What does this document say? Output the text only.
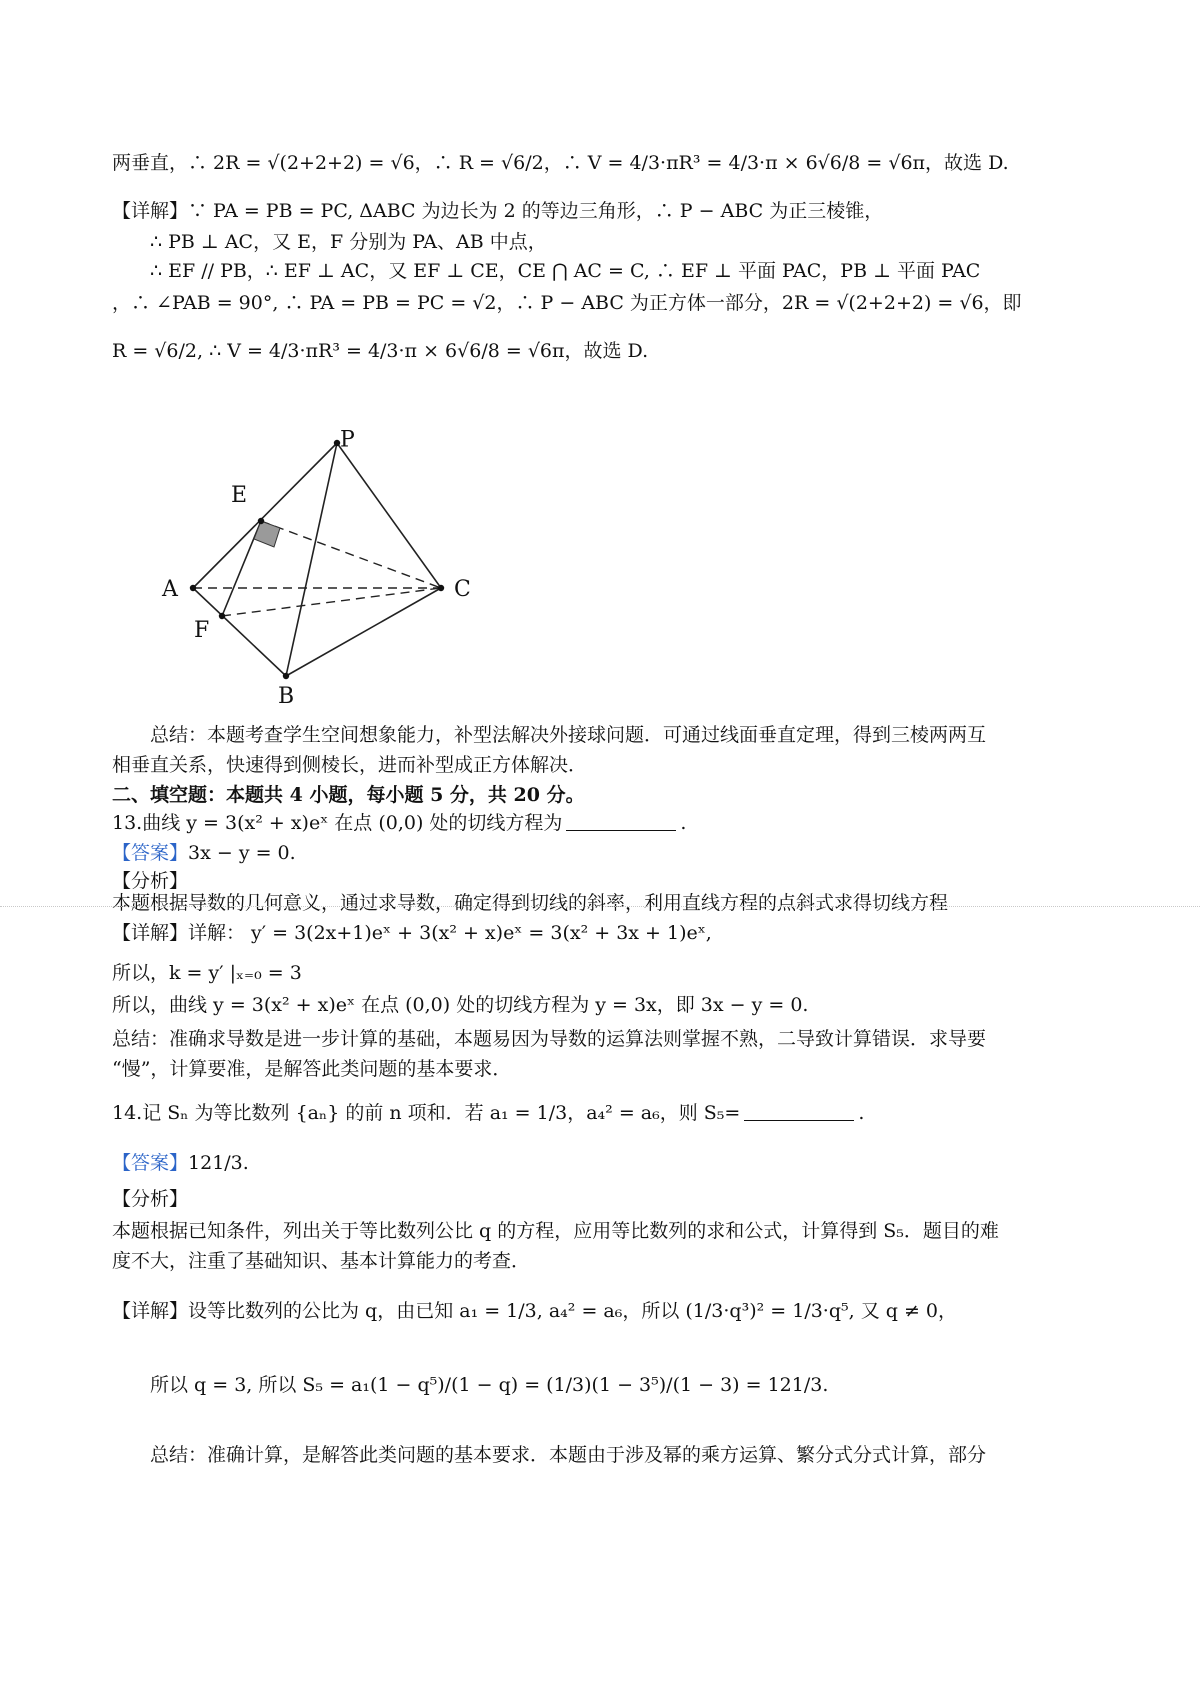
两垂直，∴ 2R = √(2+2+2) = √6，∴ R = √6/2，∴ V = 4/3·πR³ = 4/3·π × 6√6/8 = √6π，故选 D.
【详解】∵ PA = PB = PC, ΔABC 为边长为 2 的等边三角形，∴ P − ABC 为正三棱锥，
∴ PB ⊥ AC，又 E，F 分别为 PA、AB 中点，
∴ EF // PB，∴ EF ⊥ AC，又 EF ⊥ CE，CE ⋂ AC = C, ∴ EF ⊥ 平面 PAC，PB ⊥ 平面 PAC
，∴ ∠PAB = 90°, ∴ PA = PB = PC = √2，∴ P − ABC 为正方体一部分，2R = √(2+2+2) = √6，即
R = √6/2, ∴ V = 4/3·πR³ = 4/3·π × 6√6/8 = √6π，故选 D.
P
E
A
F
B
C
总结：本题考查学生空间想象能力，补型法解决外接球问题．可通过线面垂直定理，得到三棱两两互
相垂直关系，快速得到侧棱长，进而补型成正方体解决．
二、填空题：本题共 4 小题，每小题 5 分，共 20 分。
13.曲线 y = 3(x² + x)eˣ 在点 (0,0) 处的切线方程为	.
【答案】3x − y = 0.
【分析】
本题根据导数的几何意义，通过求导数，确定得到切线的斜率，利用直线方程的点斜式求得切线方程
【详解】详解： y′ = 3(2x+1)eˣ + 3(x² + x)eˣ = 3(x² + 3x + 1)eˣ,
所以，k = y′ |ₓ₌₀ = 3
所以，曲线 y = 3(x² + x)eˣ 在点 (0,0) 处的切线方程为 y = 3x，即 3x − y = 0.
总结：准确求导数是进一步计算的基础，本题易因为导数的运算法则掌握不熟，二导致计算错误．求导要
“慢”，计算要准，是解答此类问题的基本要求．
14.记 Sₙ 为等比数列 {aₙ} 的前 n 项和．若 a₁ = 1/3，a₄² = a₆，则 S₅=	.
【答案】121/3.
【分析】
本题根据已知条件，列出关于等比数列公比 q 的方程，应用等比数列的求和公式，计算得到 S₅．题目的难
度不大，注重了基础知识、基本计算能力的考查．
【详解】设等比数列的公比为 q，由已知 a₁ = 1/3, a₄² = a₆，所以 (1/3·q³)² = 1/3·q⁵, 又 q ≠ 0，
所以 q = 3, 所以 S₅ = a₁(1 − q⁵)/(1 − q) = (1/3)(1 − 3⁵)/(1 − 3) = 121/3.
总结：准确计算，是解答此类问题的基本要求．本题由于涉及幂的乘方运算、繁分式分式计算，部分
